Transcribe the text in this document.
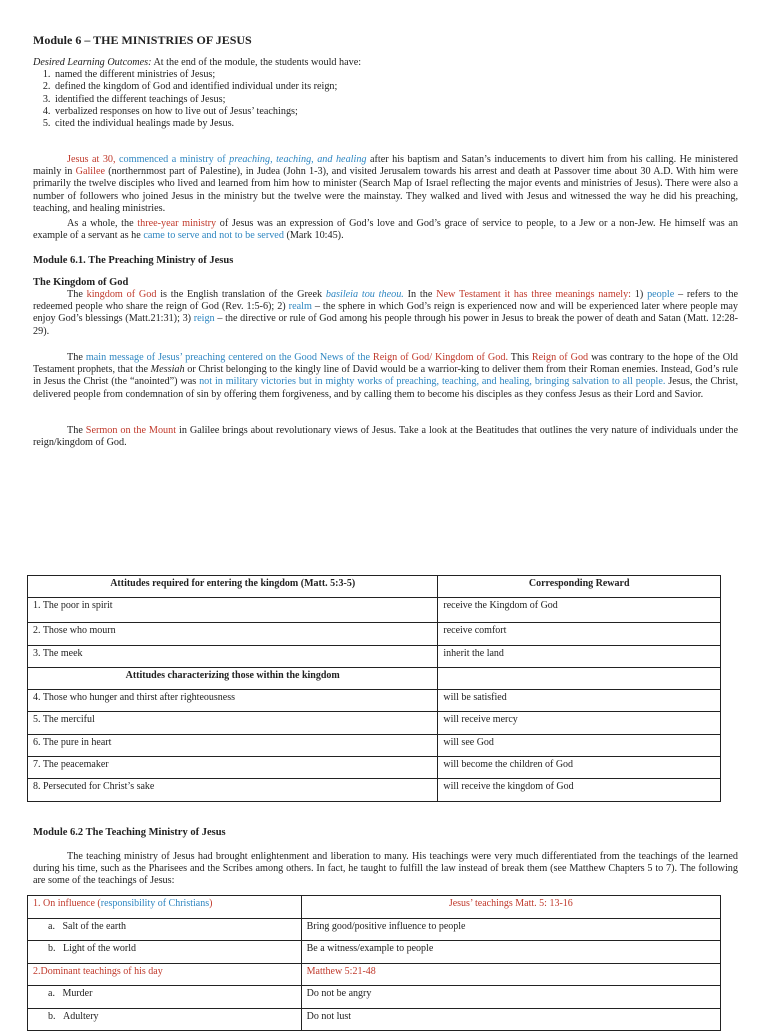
Module 6 – THE MINISTRIES OF JESUS
Desired Learning Outcomes: At the end of the module, the students would have:
1. named the different ministries of Jesus;
2. defined the kingdom of God and identified individual under its reign;
3. identified the different teachings of Jesus;
4. verbalized responses on how to live out of Jesus’ teachings;
5. cited the individual healings made by Jesus.
Jesus at 30, commenced a ministry of preaching, teaching, and healing after his baptism and Satan’s inducements to divert him from his calling. He ministered mainly in Galilee (northernmost part of Palestine), in Judea (John 1-3), and visited Jerusalem towards his arrest and death at Passover time about 30 A.D. With him were primarily the twelve disciples who lived and learned from him how to minister (Search Map of Israel reflecting the major events and ministries of Jesus). There were also a number of followers who joined Jesus in the ministry but the twelve were the mainstay. They walked and lived with Jesus and witnessed the way he did his preaching, teaching, and healing ministries.
As a whole, the three-year ministry of Jesus was an expression of God’s love and God’s grace of service to people, to a Jew or a non-Jew. He himself was an example of a servant as he came to serve and not to be served (Mark 10:45).
Module 6.1. The Preaching Ministry of Jesus
The Kingdom of God
The kingdom of God is the English translation of the Greek basileia tou theou. In the New Testament it has three meanings namely: 1) people – refers to the redeemed people who share the reign of God (Rev. 1:5-6); 2) realm – the sphere in which God’s reign is experienced now and will be experienced later where people may enjoy God’s blessings (Matt.21:31); 3) reign – the directive or rule of God among his people through his power in Jesus to break the power of death and Satan (Matt. 12:28-29).
The main message of Jesus’ preaching centered on the Good News of the Reign of God/ Kingdom of God. This Reign of God was contrary to the hope of the Old Testament prophets, that the Messiah or Christ belonging to the kingly line of David would be a warrior-king to deliver them from their Roman enemies. Instead, God’s rule in Jesus the Christ (the “anointed”) was not in military victories but in mighty works of preaching, teaching, and healing, bringing salvation to all people. Jesus, the Christ, delivered people from condemnation of sin by offering them forgiveness, and by calling them to become his disciples as they confess Jesus as their Lord and Savior.
The Sermon on the Mount in Galilee brings about revolutionary views of Jesus. Take a look at the Beatitudes that outlines the very nature of individuals under the reign/kingdom of God.
Attitudes required for entering the kingdom (Matt. 5:3-5)	Corresponding Reward
1. The poor in spirit	receive the Kingdom of God
2. Those who mourn	receive comfort
3. The meek	inherit the land
Attitudes characterizing those within the kingdom	
4. Those who hunger and thirst after righteousness	will be satisfied
5. The merciful	will receive mercy
6. The pure in heart	will see God
7. The peacemaker	will become the children of God
8. Persecuted for Christ’s sake	will receive the kingdom of God
Module 6.2 The Teaching Ministry of Jesus
The teaching ministry of Jesus had brought enlightenment and liberation to many. His teachings were very much differentiated from the teachings of the learned during his time, such as the Pharisees and the Scribes among others. In fact, he taught to fulfill the law instead of break them (see Matthew Chapters 5 to 7). The following are some of the teachings of Jesus:
1. On influence (responsibility of Christians)	Jesus’ teachings Matt. 5: 13-16
a. Salt of the earth	Bring good/positive influence to people
b. Light of the world	Be a witness/example to people
2.Dominant teachings of his day	Matthew 5:21-48
a. Murder	Do not be angry
b. Adultery	Do not lust
